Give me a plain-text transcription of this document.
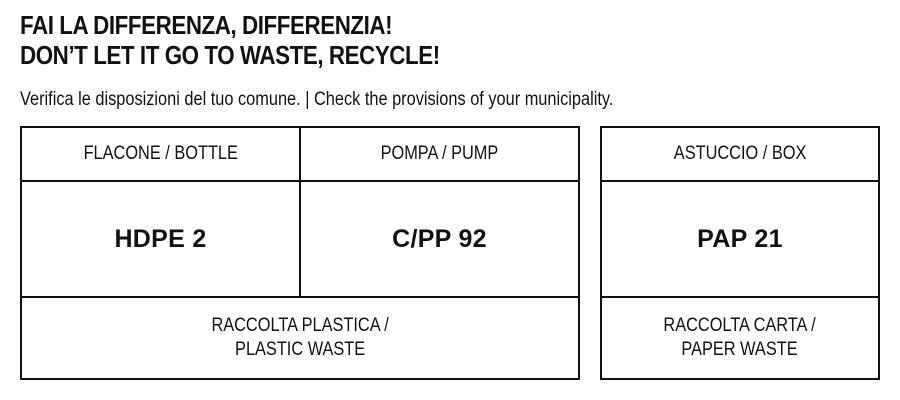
FAI LA DIFFERENZA, DIFFERENZIA!
DON’T LET IT GO TO WASTE, RECYCLE!
Verifica le disposizioni del tuo comune. | Check the provisions of your municipality.
FLACONE / BOTTLE	POMPA / PUMP
HDPE 2	C/PP 92
RACCOLTA PLASTICA /
PLASTIC WASTE
ASTUCCIO / BOX
PAP 21
RACCOLTA CARTA /
PAPER WASTE
